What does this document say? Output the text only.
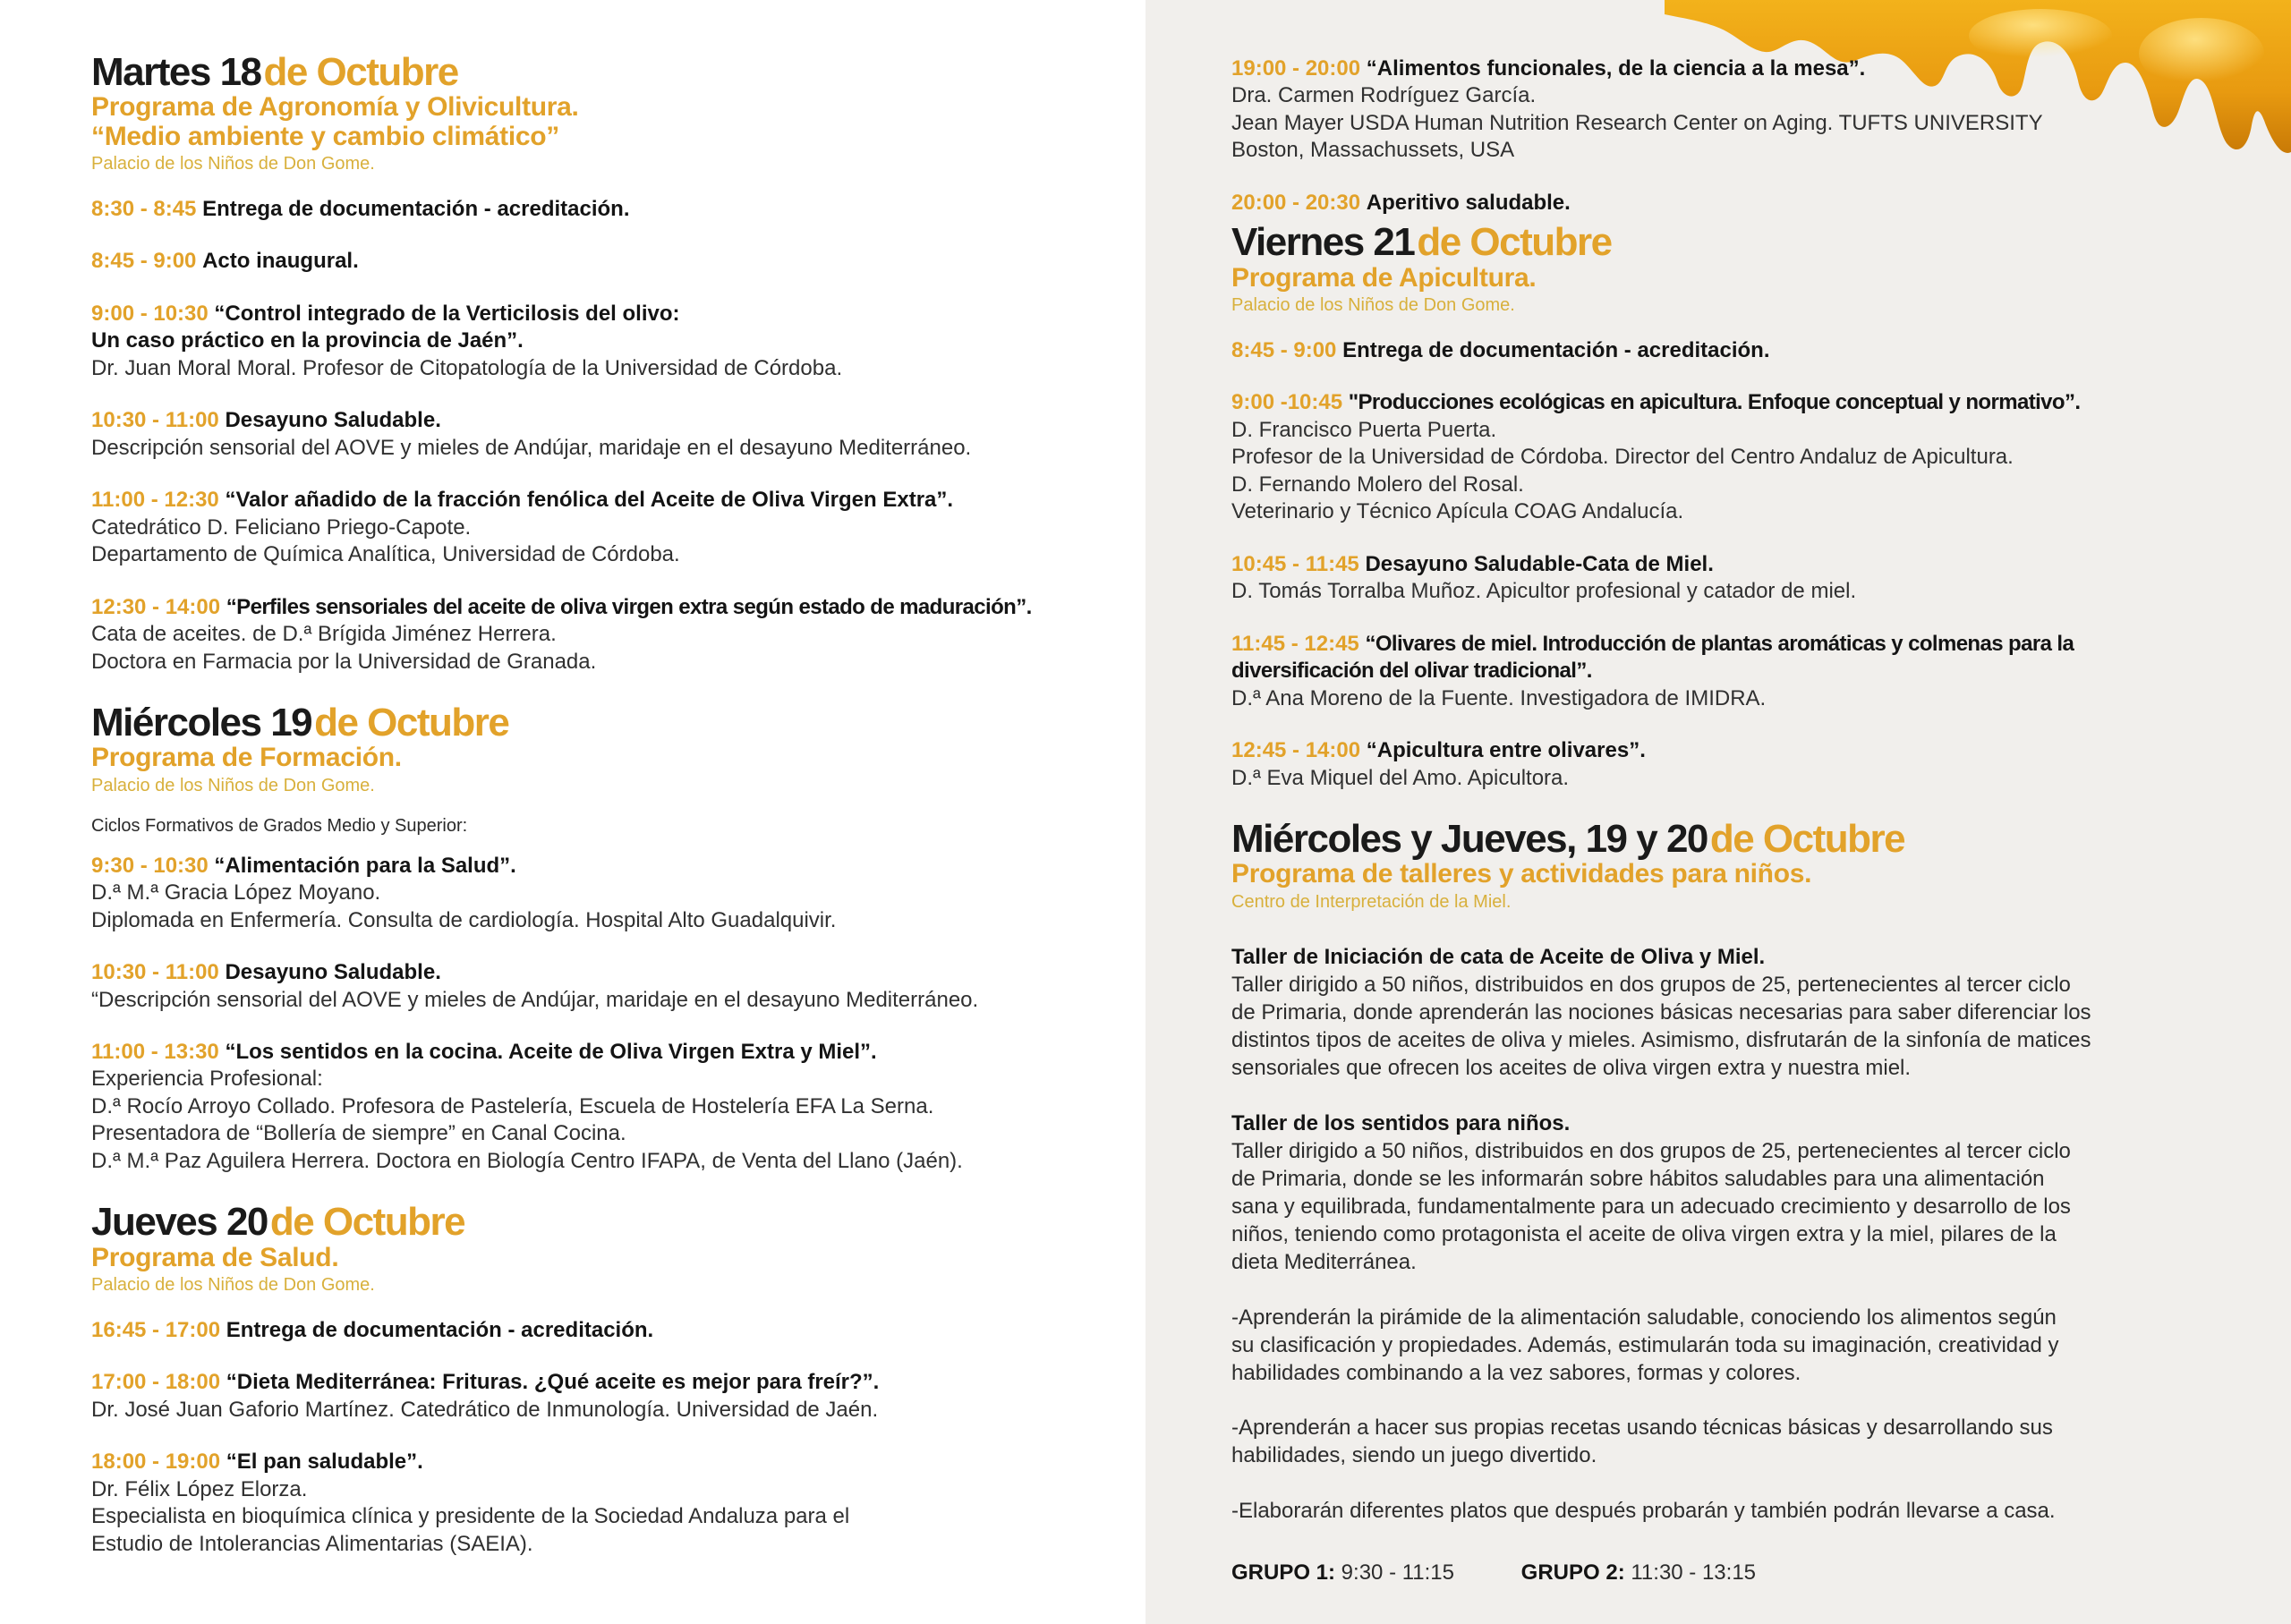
Martes 18 de Octubre
Programa de Agronomía y Olivicultura.
“Medio ambiente y cambio climático”
Palacio de los Niños de Don Gome.
8:30 - 8:45 Entrega de documentación - acreditación.
8:45 - 9:00 Acto inaugural.
9:00 - 10:30 “Control integrado de la Verticilosis del olivo:
Un caso práctico en la provincia de Jaén”.
Dr. Juan Moral Moral. Profesor de Citopatología de la Universidad de Córdoba.
10:30 - 11:00 Desayuno Saludable.
Descripción sensorial del AOVE y mieles de Andújar, maridaje en el desayuno Mediterráneo.
11:00 - 12:30 “Valor añadido de la fracción fenólica del Aceite de Oliva Virgen Extra”.
Catedrático D. Feliciano Priego-Capote.
Departamento de Química Analítica, Universidad de Córdoba.
12:30 - 14:00 “Perfiles sensoriales del aceite de oliva virgen extra según estado de maduración”.
Cata de aceites. de D.ª Brígida Jiménez Herrera.
Doctora en Farmacia por la Universidad de Granada.
Miércoles 19 de Octubre
Programa de Formación.
Palacio de los Niños de Don Gome.
Ciclos Formativos de Grados Medio y Superior:
9:30 - 10:30 “Alimentación para la Salud”.
D.ª M.ª Gracia López Moyano.
Diplomada en Enfermería. Consulta de cardiología. Hospital Alto Guadalquivir.
10:30 - 11:00 Desayuno Saludable.
“Descripción sensorial del AOVE y mieles de Andújar, maridaje en el desayuno Mediterráneo.
11:00 - 13:30 “Los sentidos en la cocina. Aceite de Oliva Virgen Extra y Miel”.
Experiencia Profesional:
D.ª Rocío Arroyo Collado. Profesora de Pastelería, Escuela de Hostelería EFA La Serna.
Presentadora de “Bollería de siempre” en Canal Cocina.
D.ª M.ª Paz Aguilera Herrera. Doctora en Biología Centro IFAPA, de Venta del Llano (Jaén).
Jueves 20 de Octubre
Programa de Salud.
Palacio de los Niños de Don Gome.
16:45 - 17:00 Entrega de documentación - acreditación.
17:00 - 18:00 “Dieta Mediterránea: Frituras. ¿Qué aceite es mejor para freír?”.
Dr. José Juan Gaforio Martínez. Catedrático de Inmunología. Universidad de Jaén.
18:00 - 19:00 “El pan saludable”.
Dr. Félix López Elorza.
Especialista en bioquímica clínica y presidente de la Sociedad Andaluza para el
Estudio de Intolerancias Alimentarias (SAEIA).
19:00 - 20:00 “Alimentos funcionales, de la ciencia a la mesa”.
Dra. Carmen Rodríguez García.
Jean Mayer USDA Human Nutrition Research Center on Aging. TUFTS UNIVERSITY
Boston, Massachussets, USA
20:00 - 20:30 Aperitivo saludable.
Viernes 21 de Octubre
Programa de Apicultura.
Palacio de los Niños de Don Gome.
8:45 - 9:00 Entrega de documentación - acreditación.
9:00 -10:45 "Producciones ecológicas en apicultura. Enfoque conceptual y normativo”.
D. Francisco Puerta Puerta.
Profesor de la Universidad de Córdoba. Director del Centro Andaluz de Apicultura.
D. Fernando Molero del Rosal.
Veterinario y Técnico Apícula COAG Andalucía.
10:45 - 11:45 Desayuno Saludable-Cata de Miel.
D. Tomás Torralba Muñoz. Apicultor profesional y catador de miel.
11:45 - 12:45 “Olivares de miel. Introducción de plantas aromáticas y colmenas para la
diversificación del olivar tradicional”.
D.ª Ana Moreno de la Fuente. Investigadora de IMIDRA.
12:45 - 14:00 “Apicultura entre olivares”.
D.ª Eva Miquel del Amo. Apicultora.
Miércoles y Jueves, 19 y 20 de Octubre
Programa de talleres y actividades para niños.
Centro de Interpretación de la Miel.
Taller de Iniciación de cata de Aceite de Oliva y Miel.
Taller dirigido a 50 niños, distribuidos en dos grupos de 25, pertenecientes al tercer ciclo
de Primaria, donde aprenderán las nociones básicas necesarias para saber diferenciar los
distintos tipos de aceites de oliva y mieles. Asimismo, disfrutarán de la sinfonía de matices
sensoriales que ofrecen los aceites de oliva virgen extra y nuestra miel.
Taller de los sentidos para niños.
Taller dirigido a 50 niños, distribuidos en dos grupos de 25, pertenecientes al tercer ciclo
de Primaria, donde se les informarán sobre hábitos saludables para una alimentación
sana y equilibrada, fundamentalmente para un adecuado crecimiento y desarrollo de los
niños, teniendo como protagonista el aceite de oliva virgen extra y la miel, pilares de la
dieta Mediterránea.
-Aprenderán la pirámide de la alimentación saludable, conociendo los alimentos según
su clasificación y propiedades. Además, estimularán toda su imaginación, creatividad y
habilidades combinando a la vez sabores, formas y colores.
-Aprenderán a hacer sus propias recetas usando técnicas básicas y desarrollando sus
habilidades, siendo un juego divertido.
-Elaborarán diferentes platos que después probarán y también podrán llevarse a casa.
GRUPO 1: 9:30 - 11:15	GRUPO 2: 11:30 - 13:15
